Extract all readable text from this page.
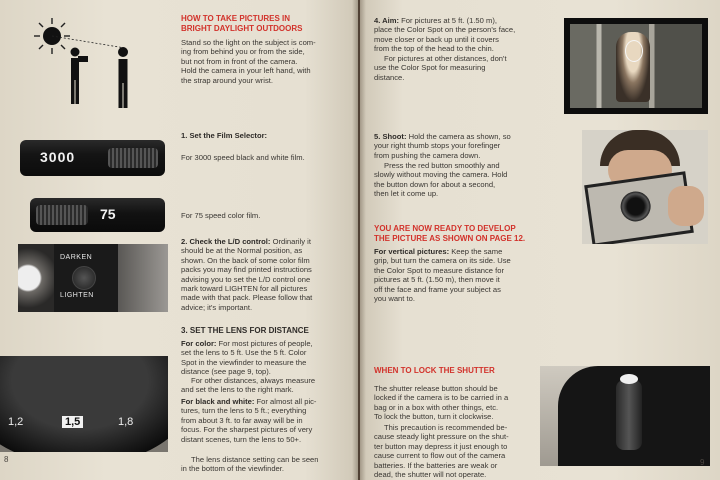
HOW TO TAKE PICTURES IN
BRIGHT DAYLIGHT OUTDOORS
Stand so the light on the subject is com-
ing from behind you or from the side,
but not from in front of the camera.
Hold the camera in your left hand, with
the strap around your wrist.
3000
1. Set the Film Selector:
For 3000 speed black and white film.
75	For 75 speed color film.
DARKEN
LIGHTEN
2. Check the L/D control: Ordinarily it
should be at the Normal position, as
shown. On the back of some color film
packs you may find printed instructions
advising you to set the L/D control one
mark toward LIGHTEN for all pictures
made with that pack. Please follow that
advice; it's important.
1,2	1,5	1,8
3. SET THE LENS FOR DISTANCE
For color: For most pictures of people,
set the lens to 5 ft. Use the 5 ft. Color
Spot in the viewfinder to measure the
distance (see page 9, top).
For other distances, always measure
and set the lens to the right mark.
For black and white: For almost all pic-
tures, turn the lens to 5 ft.; everything
from about 3 ft. to far away will be in
focus. For the sharpest pictures of very
distant scenes, turn the lens to 50+.
The lens distance setting can be seen
in the bottom of the viewfinder.
8
4. Aim: For pictures at 5 ft. (1.50 m),
place the Color Spot on the person's face,
move closer or back up until it covers
from the top of the head to the chin.
For pictures at other distances, don't
use the Color Spot for measuring
distance.
5. Shoot: Hold the camera as shown, so
your right thumb stops your forefinger
from pushing the camera down.
Press the red button smoothly and
slowly without moving the camera. Hold
the button down for about a second,
then let it come up.
YOU ARE NOW READY TO DEVELOP
THE PICTURE AS SHOWN ON PAGE 12.
For vertical pictures: Keep the same
grip, but turn the camera on its side. Use
the Color Spot to measure distance for
pictures at 5 ft. (1.50 m), then move it
off the face and frame your subject as
you want to.
WHEN TO LOCK THE SHUTTER
The shutter release button should be
locked if the camera is to be carried in a
bag or in a box with other things, etc.
To lock the button, turn it clockwise.
This precaution is recommended be-
cause steady light pressure on the shut-
ter button may depress it just enough to
cause current to flow out of the camera
batteries. If the batteries are weak or
dead, the shutter will not operate.
9
